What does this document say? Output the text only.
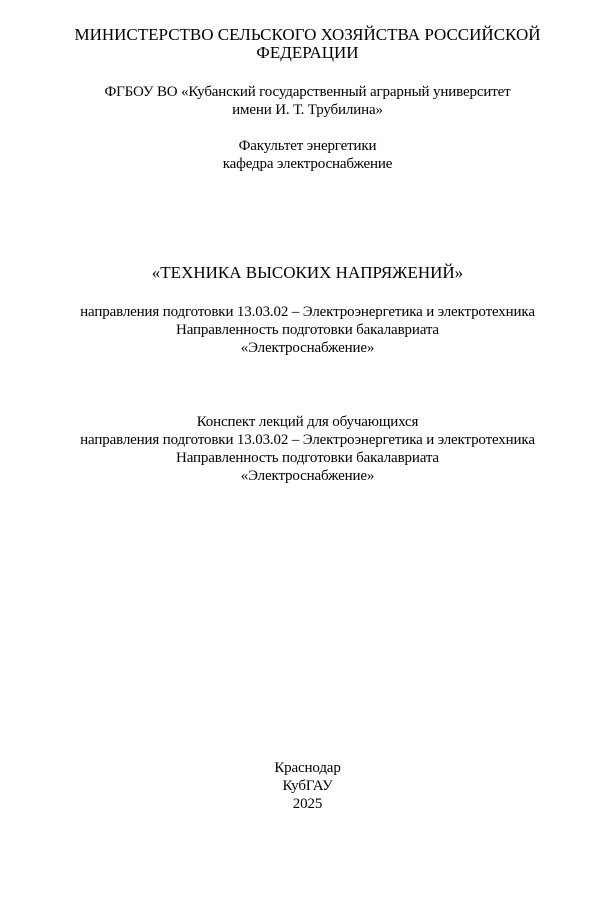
МИНИСТЕРСТВО СЕЛЬСКОГО ХОЗЯЙСТВА РОССИЙСКОЙ
ФЕДЕРАЦИИ
ФГБОУ ВО «Кубанский государственный аграрный университет
имени И. Т. Трубилина»
Факультет энергетики
кафедра электроснабжение
«ТЕХНИКА ВЫСОКИХ НАПРЯЖЕНИЙ»
направления подготовки 13.03.02 – Электроэнергетика и электротехника
Направленность подготовки бакалавриата
«Электроснабжение»
Конспект лекций для обучающихся
направления подготовки 13.03.02 – Электроэнергетика и электротехника
Направленность подготовки бакалавриата
«Электроснабжение»
Краснодар
КубГАУ
2025
